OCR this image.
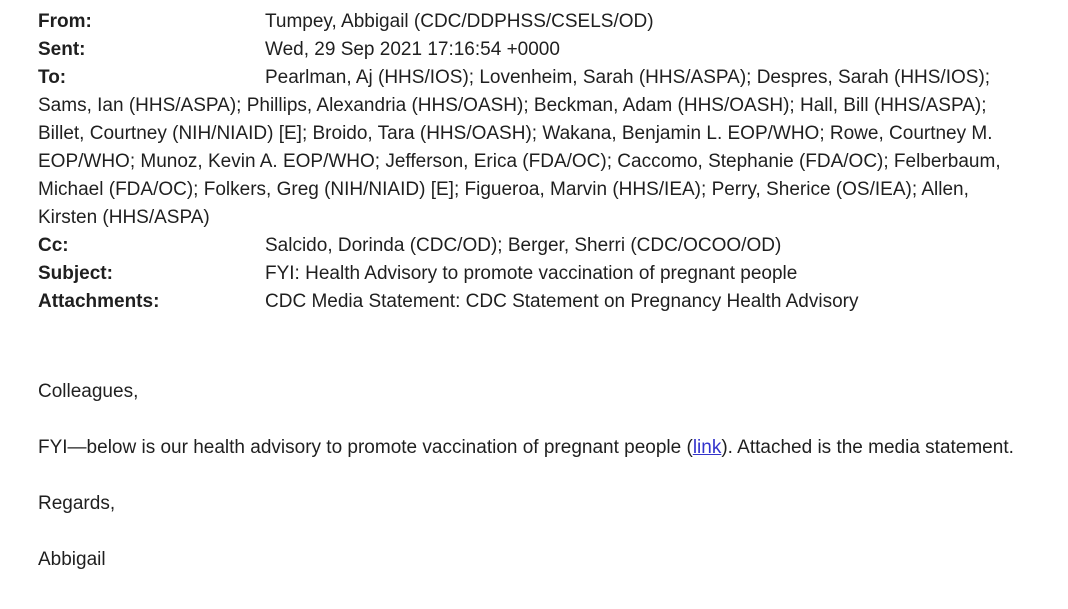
From:	Tumpey, Abbigail (CDC/DDPHSS/CSELS/OD)

Sent:	Wed, 29 Sep 2021 17:16:54 +0000

To:	Pearlman, Aj (HHS/IOS); Lovenheim, Sarah (HHS/ASPA); Despres, Sarah (HHS/IOS); Sams, Ian (HHS/ASPA); Phillips, Alexandria (HHS/OASH); Beckman, Adam (HHS/OASH); Hall, Bill (HHS/ASPA); Billet, Courtney (NIH/NIAID) [E]; Broido, Tara (HHS/OASH); Wakana, Benjamin L. EOP/WHO; Rowe, Courtney M. EOP/WHO; Munoz, Kevin A. EOP/WHO; Jefferson, Erica (FDA/OC); Caccomo, Stephanie (FDA/OC); Felberbaum, Michael (FDA/OC); Folkers, Greg (NIH/NIAID) [E]; Figueroa, Marvin (HHS/IEA); Perry, Sherice (OS/IEA); Allen, Kirsten (HHS/ASPA)

Cc:	Salcido, Dorinda (CDC/OD); Berger, Sherri (CDC/OCOO/OD)

Subject:	FYI: Health Advisory to promote vaccination of pregnant people

Attachments:	CDC Media Statement: CDC Statement on Pregnancy Health Advisory

Colleagues,

FYI—below is our health advisory to promote vaccination of pregnant people (link). Attached is the media statement.

Regards,

Abbigail
